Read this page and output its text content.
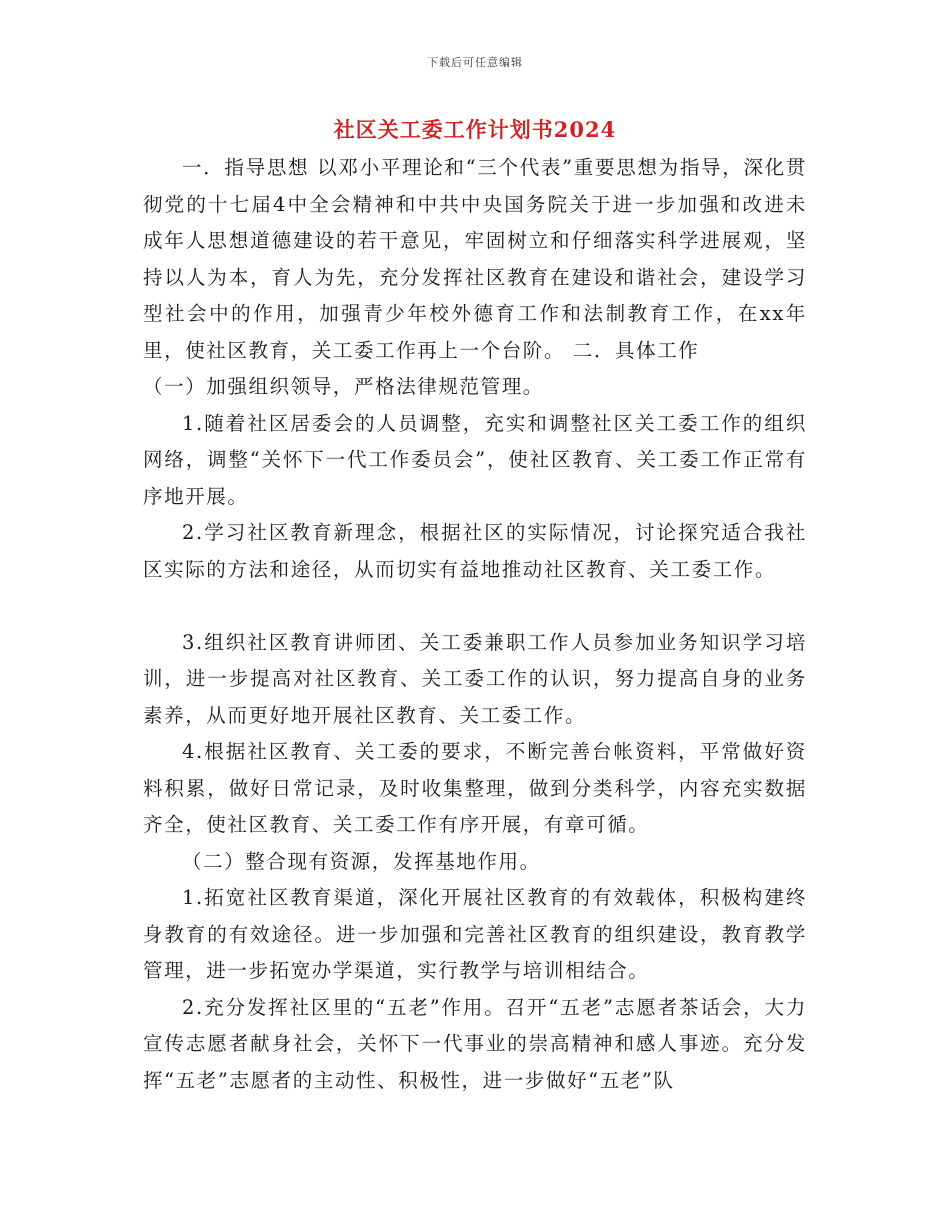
下载后可任意编辑
社区关工委工作计划书2024

一．指导思想 以邓小平理论和“三个代表”重要思想为指导，深化贯彻党的十七届4中全会精神和中共中央国务院关于进一步加强和改进未成年人思想道德建设的若干意见，牢固树立和仔细落实科学进展观，坚持以人为本，育人为先，充分发挥社区教育在建设和谐社会，建设学习型社会中的作用，加强青少年校外德育工作和法制教育工作，在xx年里，使社区教育，关工委工作再上一个台阶。 二．具体工作

（一）加强组织领导，严格法律规范管理。

1.随着社区居委会的人员调整，充实和调整社区关工委工作的组织网络，调整“关怀下一代工作委员会”，使社区教育、关工委工作正常有序地开展。

2.学习社区教育新理念，根据社区的实际情况，讨论探究适合我社区实际的方法和途径，从而切实有益地推动社区教育、关工委工作。

3.组织社区教育讲师团、关工委兼职工作人员参加业务知识学习培训，进一步提高对社区教育、关工委工作的认识，努力提高自身的业务素养，从而更好地开展社区教育、关工委工作。

4.根据社区教育、关工委的要求，不断完善台帐资料，平常做好资料积累，做好日常记录，及时收集整理，做到分类科学，内容充实数据齐全，使社区教育、关工委工作有序开展，有章可循。

（二）整合现有资源，发挥基地作用。

1.拓宽社区教育渠道，深化开展社区教育的有效载体，积极构建终身教育的有效途径。进一步加强和完善社区教育的组织建设，教育教学管理，进一步拓宽办学渠道，实行教学与培训相结合。

2.充分发挥社区里的“五老”作用。召开“五老”志愿者茶话会，大力宣传志愿者献身社会，关怀下一代事业的崇高精神和感人事迹。充分发挥“五老”志愿者的主动性、积极性，进一步做好“五老”队
